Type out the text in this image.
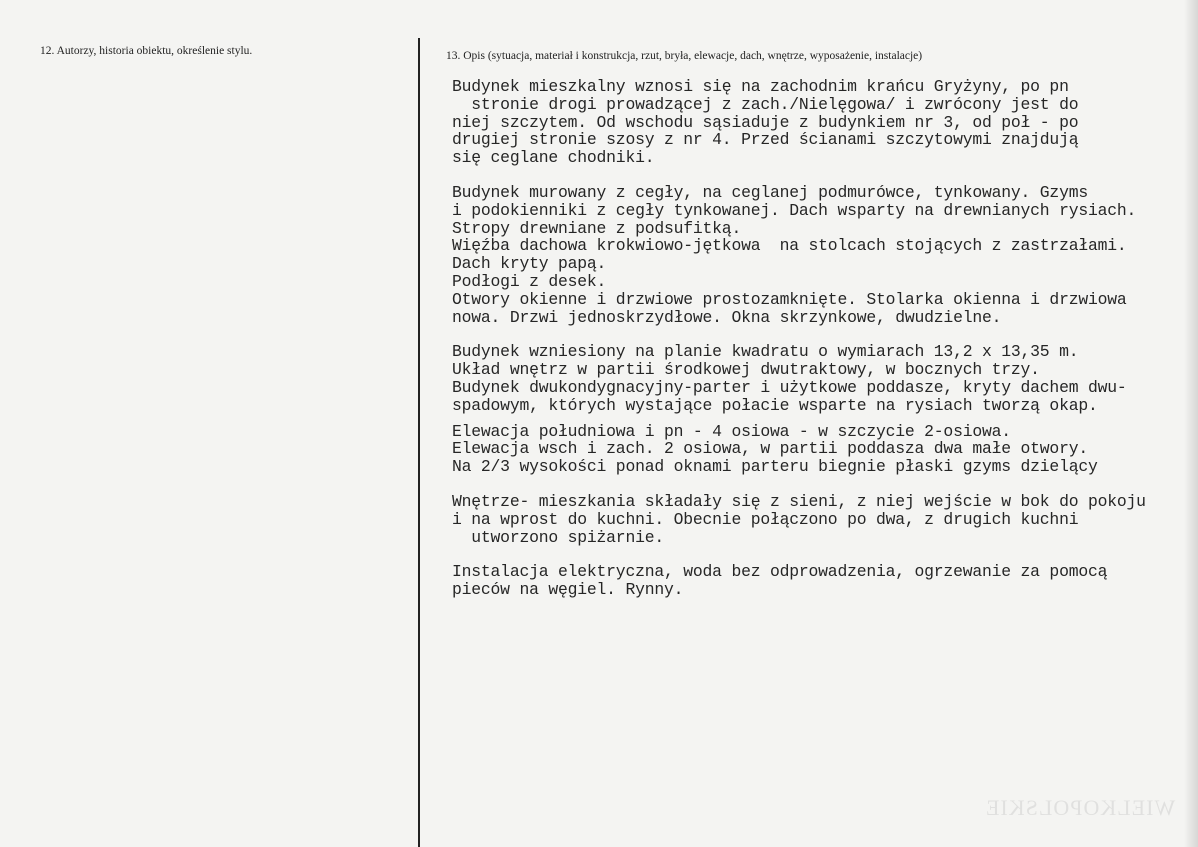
12. Autorzy, historia obiektu, określenie stylu.	13. Opis (sytuacja, materiał i konstrukcja, rzut, bryła, elewacje, dach, wnętrze, wyposażenie, instalacje)
Budynek mieszkalny wznosi się na zachodnim krańcu Gryżyny, po pn
stronie drogi prowadzącej z zach./Nielęgowa/ i zwrócony jest do
niej szczytem. Od wschodu sąsiaduje z budynkiem nr 3, od poł - po
drugiej stronie szosy z nr 4. Przed ścianami szczytowymi znajdują
się ceglane chodniki.
Budynek murowany z cegły, na ceglanej podmurówce, tynkowany. Gzyms
i podokienniki z cegły tynkowanej. Dach wsparty na drewnianych rysiach.
Stropy drewniane z podsufitką.
Więźba dachowa krokwiowo-jętkowa  na stolcach stojących z zastrzałami.
Dach kryty papą.
Podłogi z desek.
Otwory okienne i drzwiowe prostozamknięte. Stolarka okienna i drzwiowa
nowa. Drzwi jednoskrzydłowe. Okna skrzynkowe, dwudzielne.
Budynek wzniesiony na planie kwadratu o wymiarach 13,2 x 13,35 m.
Układ wnętrz w partii środkowej dwutraktowy, w bocznych trzy.
Budynek dwukondygnacyjny-parter i użytkowe poddasze, kryty dachem dwu-
spadowym, których wystające połacie wsparte na rysiach tworzą okap.
Elewacja południowa i pn - 4 osiowa - w szczycie 2-osiowa.
Elewacja wsch i zach. 2 osiowa, w partii poddasza dwa małe otwory.
Na 2/3 wysokości ponad oknami parteru biegnie płaski gzyms dzielący
Wnętrze- mieszkania składały się z sieni, z niej wejście w bok do pokoju
i na wprost do kuchni. Obecnie połączono po dwa, z drugich kuchni
utworzono spiżarnie.
Instalacja elektryczna, woda bez odprowadzenia, ogrzewanie za pomocą
pieców na węgiel. Rynny.
WIELKOPOLSKIE
